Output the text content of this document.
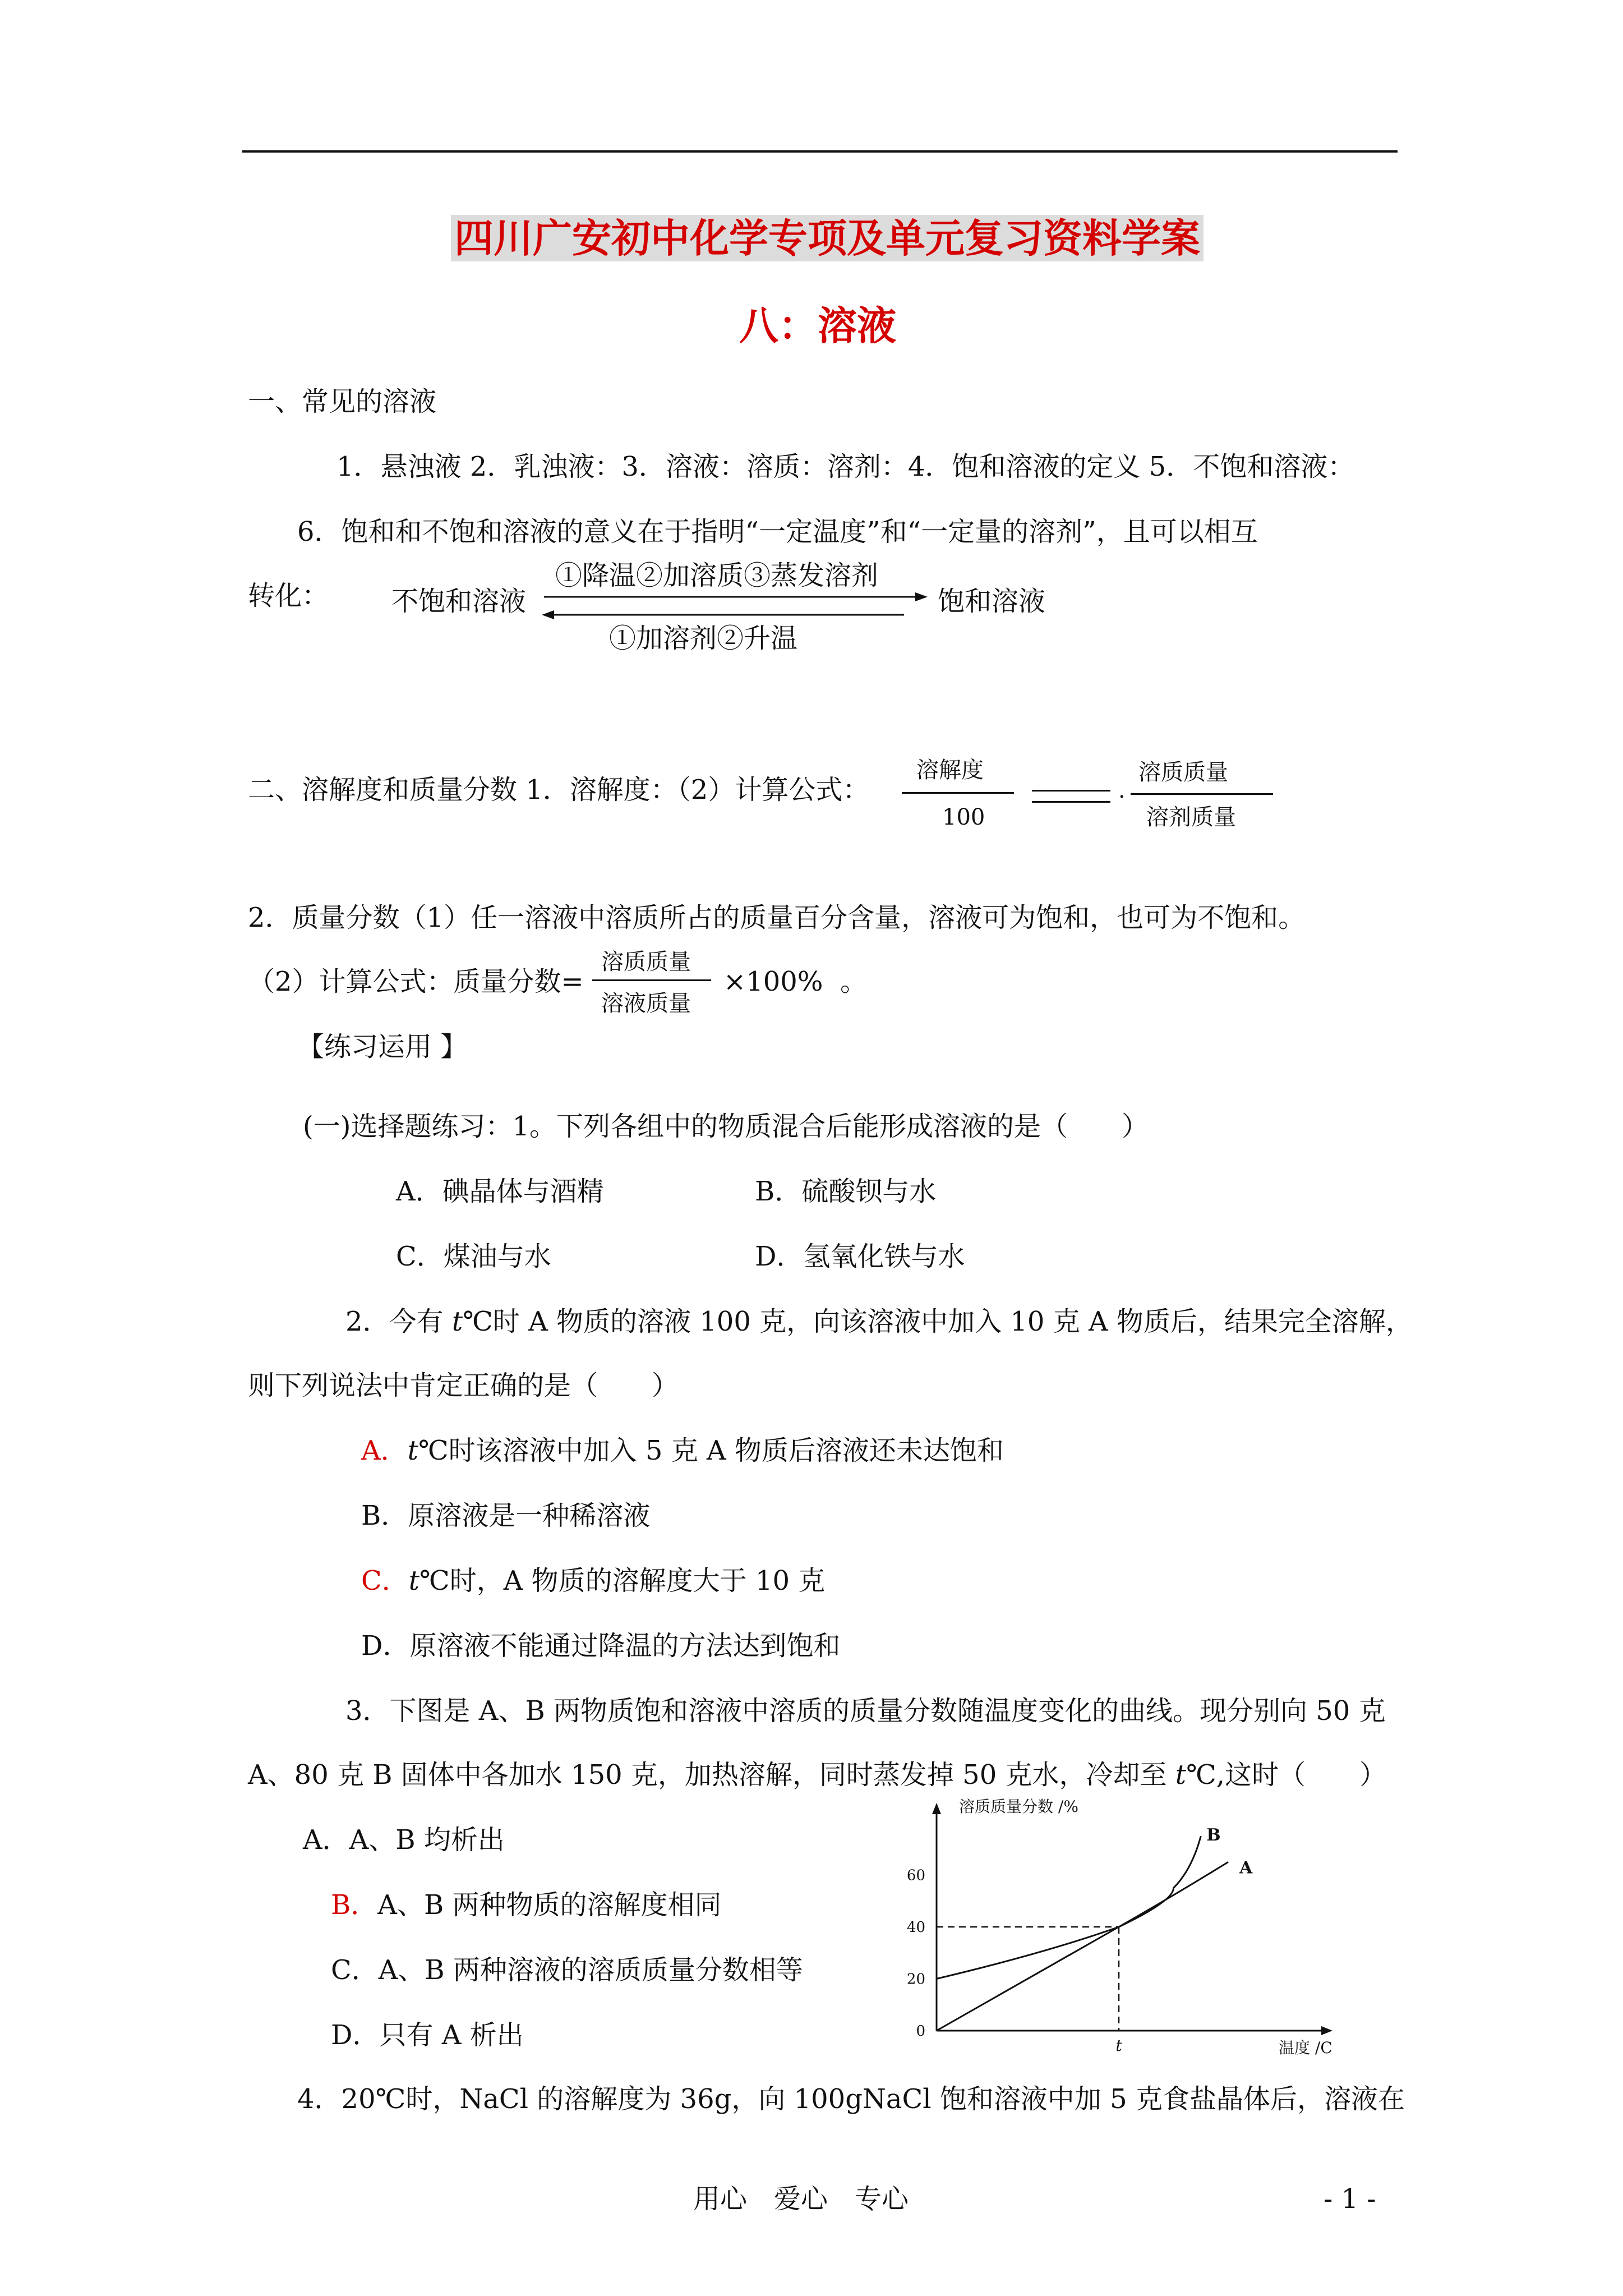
四川广安初中化学专项及单元复习资料学案
八：溶液
一、常见的溶液
1．悬浊液 2．乳浊液：3．溶液：溶质：溶剂：4．饱和溶液的定义 5．不饱和溶液：
6．饱和和不饱和溶液的意义在于指明“一定温度”和“一定量的溶剂”，且可以相互
转化： 不饱和溶液	饱和溶液
①降温②加溶质③蒸发溶剂
①加溶剂②升温
二、溶解度和质量分数 1．溶解度：（2）计算公式：
溶解度
100
·
溶质质量
溶剂质量
2．质量分数（1）任一溶液中溶质所占的质量百分含量，溶液可为饱和，也可为不饱和。
（2）计算公式：质量分数=
溶质质量
溶液质量
×100% 。
【练习运用 】
(一)选择题练习：1。下列各组中的物质混合后能形成溶液的是（　　）
A．碘晶体与酒精	B．硫酸钡与水
C．煤油与水	D．氢氧化铁与水
2．今有 t℃时 A 物质的溶液 100 克，向该溶液中加入 10 克 A 物质后，结果完全溶解，
则下列说法中肯定正确的是（　　）
A．t℃时该溶液中加入 5 克 A 物质后溶液还未达饱和
B．原溶液是一种稀溶液
C．t℃时，A 物质的溶解度大于 10 克
D．原溶液不能通过降温的方法达到饱和
3．下图是 A、B 两物质饱和溶液中溶质的质量分数随温度变化的曲线。现分别向 50 克
A、80 克 B 固体中各加水 150 克，加热溶解，同时蒸发掉 50 克水，冷却至 t℃,这时（　　）
A．A、B 均析出
B．A、B 两种物质的溶解度相同
C．A、B 两种溶液的溶质质量分数相等
D．只有 A 析出
溶质质量分数 /%
温度 /C
0
20
40
60
t
A
B
4．20℃时，NaCl 的溶解度为 36g，向 100gNaCl 饱和溶液中加 5 克食盐晶体后，溶液在
用心　爱心　专心	- 1 -
